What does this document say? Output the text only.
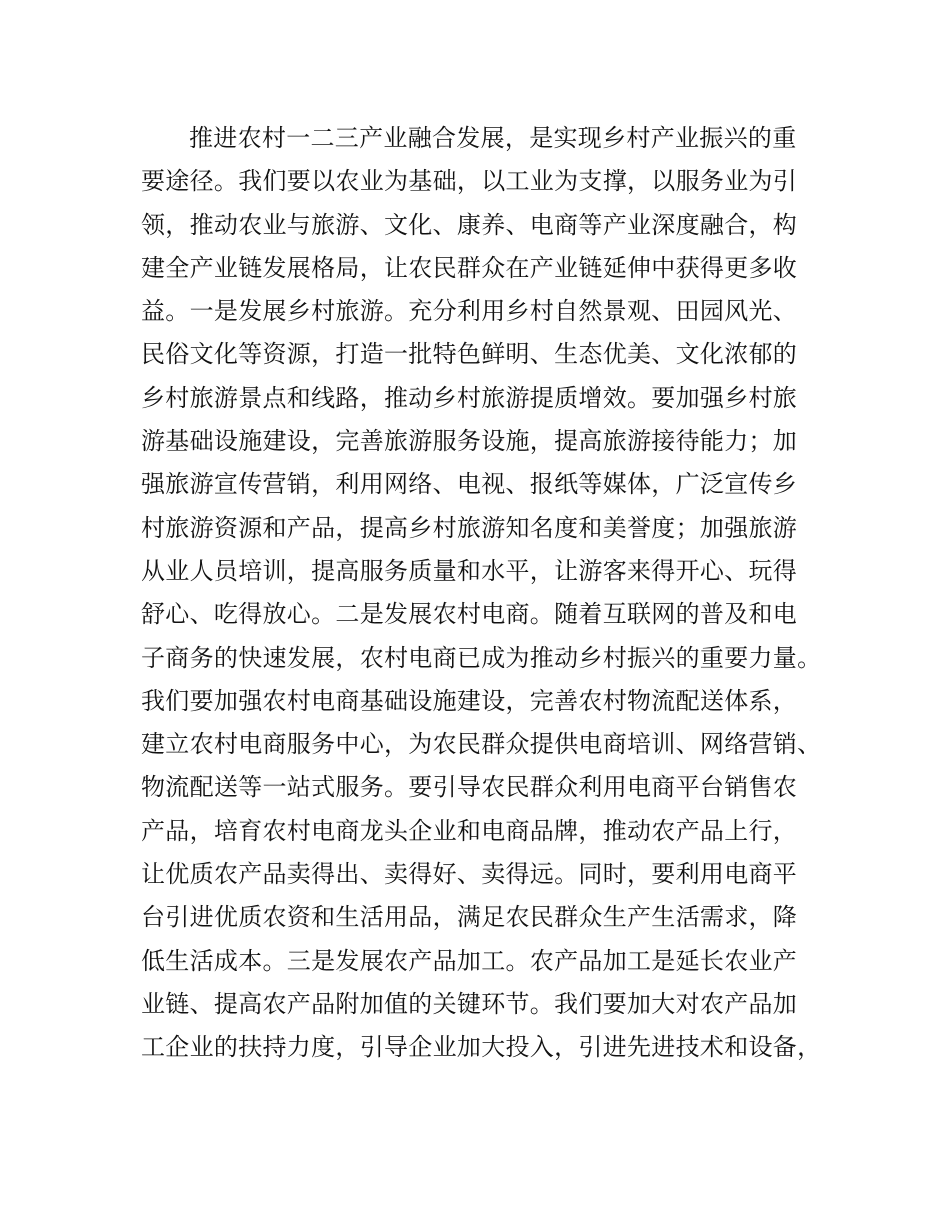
推进农村一二三产业融合发展，是实现乡村产业振兴的重
要途径。我们要以农业为基础，以工业为支撑，以服务业为引
领，推动农业与旅游、文化、康养、电商等产业深度融合，构
建全产业链发展格局，让农民群众在产业链延伸中获得更多收
益。一是发展乡村旅游。充分利用乡村自然景观、田园风光、
民俗文化等资源，打造一批特色鲜明、生态优美、文化浓郁的
乡村旅游景点和线路，推动乡村旅游提质增效。要加强乡村旅
游基础设施建设，完善旅游服务设施，提高旅游接待能力；加
强旅游宣传营销，利用网络、电视、报纸等媒体，广泛宣传乡
村旅游资源和产品，提高乡村旅游知名度和美誉度；加强旅游
从业人员培训，提高服务质量和水平，让游客来得开心、玩得
舒心、吃得放心。二是发展农村电商。随着互联网的普及和电
子商务的快速发展，农村电商已成为推动乡村振兴的重要力量。
我们要加强农村电商基础设施建设，完善农村物流配送体系，
建立农村电商服务中心，为农民群众提供电商培训、网络营销、
物流配送等一站式服务。要引导农民群众利用电商平台销售农
产品，培育农村电商龙头企业和电商品牌，推动农产品上行，
让优质农产品卖得出、卖得好、卖得远。同时，要利用电商平
台引进优质农资和生活用品，满足农民群众生产生活需求，降
低生活成本。三是发展农产品加工。农产品加工是延长农业产
业链、提高农产品附加值的关键环节。我们要加大对农产品加
工企业的扶持力度，引导企业加大投入，引进先进技术和设备，
